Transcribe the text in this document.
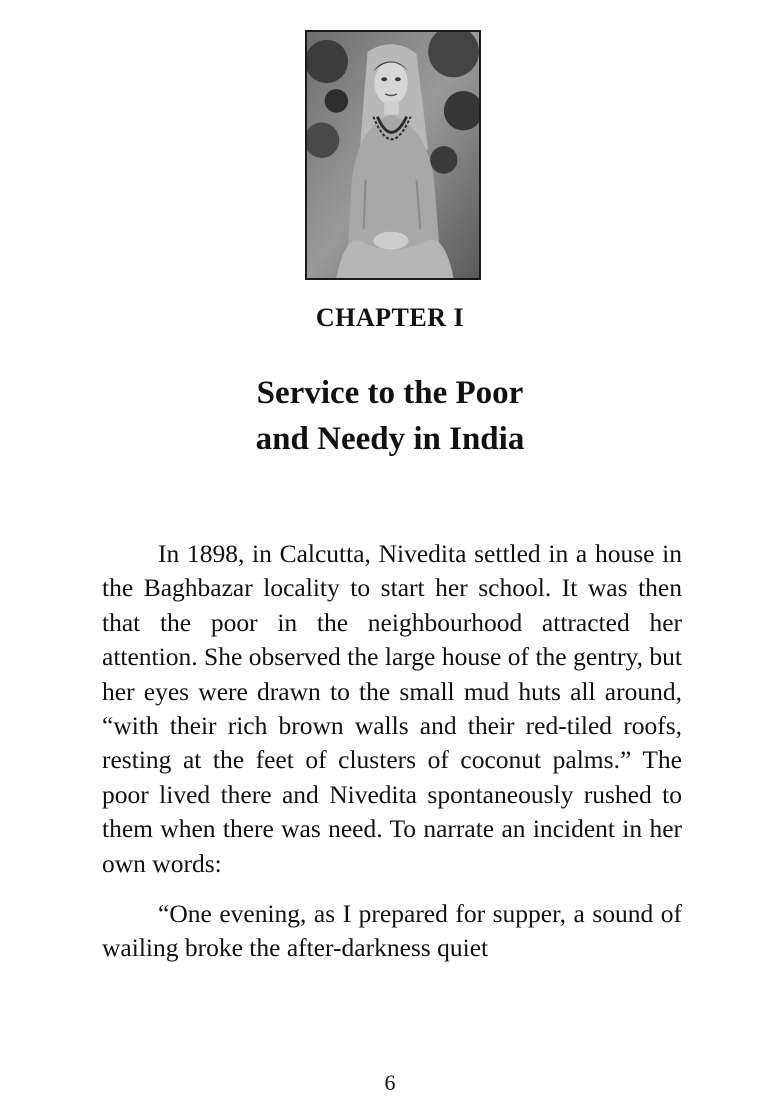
CHAPTER I
Service to the Poor
and Needy in India

In 1898, in Calcutta, Nivedita settled in a house in the Baghbazar locality to start her school. It was then that the poor in the neighbourhood attracted her attention. She observed the large house of the gentry, but her eyes were drawn to the small mud huts all around, “with their rich brown walls and their red-tiled roofs, resting at the feet of clusters of coconut palms.” The poor lived there and Nivedita spontaneously rushed to them when there was need. To narrate an incident in her own words:

“One evening, as I prepared for supper, a sound of wailing broke the after-darkness quiet

6
